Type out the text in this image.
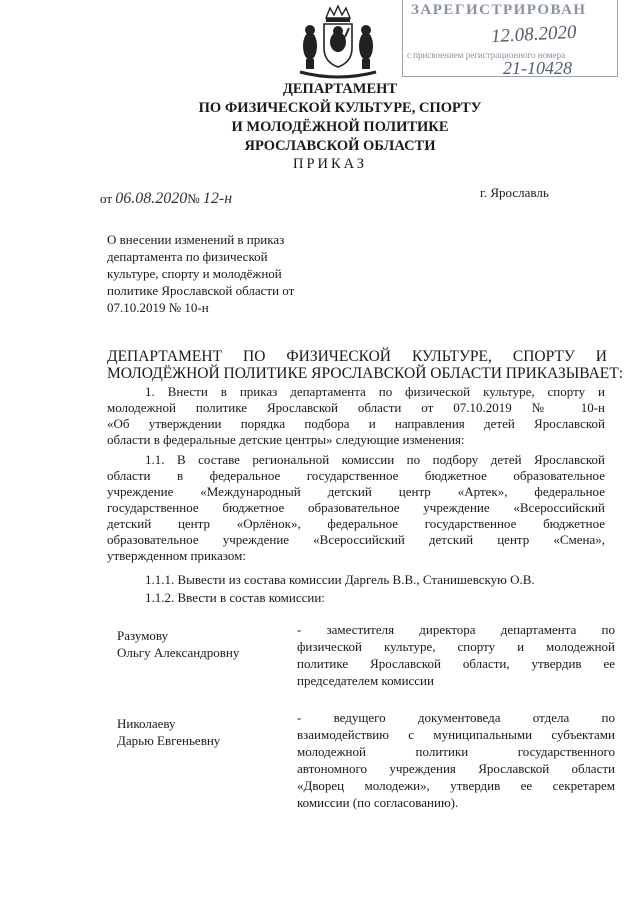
ЗАРЕГИСТРИРОВАН
12.08.2020
с присвоением регистрационного номера
21-10428
ДЕПАРТАМЕНТ
ПО ФИЗИЧЕСКОЙ КУЛЬТУРЕ, СПОРТУ
И МОЛОДЁЖНОЙ ПОЛИТИКЕ
ЯРОСЛАВСКОЙ ОБЛАСТИ
ПРИКАЗ
от 06.08.2020№ 12-н	г. Ярославль
О внесении изменений в приказ
департамента по физической
культуре, спорту и молодёжной
политике Ярославской области от
07.10.2019 № 10-н
ДЕПАРТАМЕНТ ПО ФИЗИЧЕСКОЙ КУЛЬТУРЕ, СПОРТУ И
МОЛОДЁЖНОЙ ПОЛИТИКЕ ЯРОСЛАВСКОЙ ОБЛАСТИ ПРИКАЗЫВАЕТ:
1. Внести в приказ департамента по физической культуре, спорту и
молодежной политике Ярославской области от 07.10.2019 № 10-н
«Об утверждении порядка подбора и направления детей Ярославской
области в федеральные детские центры» следующие изменения:
1.1. В составе региональной комиссии по подбору детей Ярославской
области в федеральное государственное бюджетное образовательное
учреждение «Международный детский центр «Артек», федеральное
государственное бюджетное образовательное учреждение «Всероссийский
детский центр «Орлёнок», федеральное государственное бюджетное
образовательное учреждение «Всероссийский детский центр «Смена»,
утвержденном приказом:
1.1.1. Вывести из состава комиссии Даргель В.В., Станишевскую О.В.
1.1.2. Ввести в состав комиссии:
Разумову
Ольгу Александровну
- заместителя директора департамента по
физической культуре, спорту и молодежной
политике Ярославской области, утвердив ее
председателем комиссии
Николаеву
Дарью Евгеньевну
- ведущего документоведа отдела по
взаимодействию с муниципальными субъектами
молодежной политики государственного
автономного учреждения Ярославской области
«Дворец молодежи», утвердив ее секретарем
комиссии (по согласованию).
